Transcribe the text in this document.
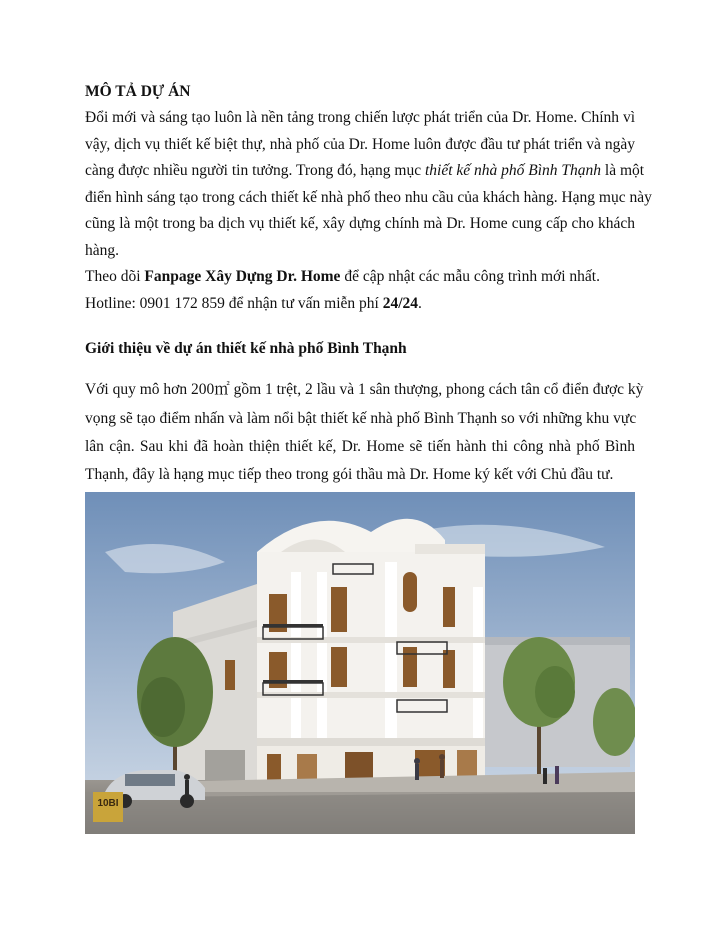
MÔ TẢ DỰ ÁN
Đổi mới và sáng tạo luôn là nền tảng trong chiến lược phát triển của Dr. Home. Chính vì
vậy, dịch vụ thiết kế biệt thự, nhà phố của Dr. Home luôn được đầu tư phát triển và ngày
càng được nhiều người tin tưởng. Trong đó, hạng mục thiết kế nhà phố Bình Thạnh là một
điển hình sáng tạo trong cách thiết kế nhà phố theo nhu cầu của khách hàng. Hạng mục này
cũng là một trong ba dịch vụ thiết kế, xây dựng chính mà Dr. Home cung cấp cho khách
hàng.
Theo dõi Fanpage Xây Dựng Dr. Home để cập nhật các mẫu công trình mới nhất.
Hotline: 0901 172 859 để nhận tư vấn miễn phí 24/24.
Giới thiệu về dự án thiết kế nhà phố Bình Thạnh
Với quy mô hơn 200㎡ gồm 1 trệt, 2 lầu và 1 sân thượng, phong cách tân cổ điển được kỳ
vọng sẽ tạo điểm nhấn và làm nổi bật thiết kế nhà phố Bình Thạnh so với những khu vực
lân cận. Sau khi đã hoàn thiện thiết kế, Dr. Home sẽ tiến hành thi công nhà phố Bình
Thạnh, đây là hạng mục tiếp theo trong gói thầu mà Dr. Home ký kết với Chủ đầu tư.
10BI
